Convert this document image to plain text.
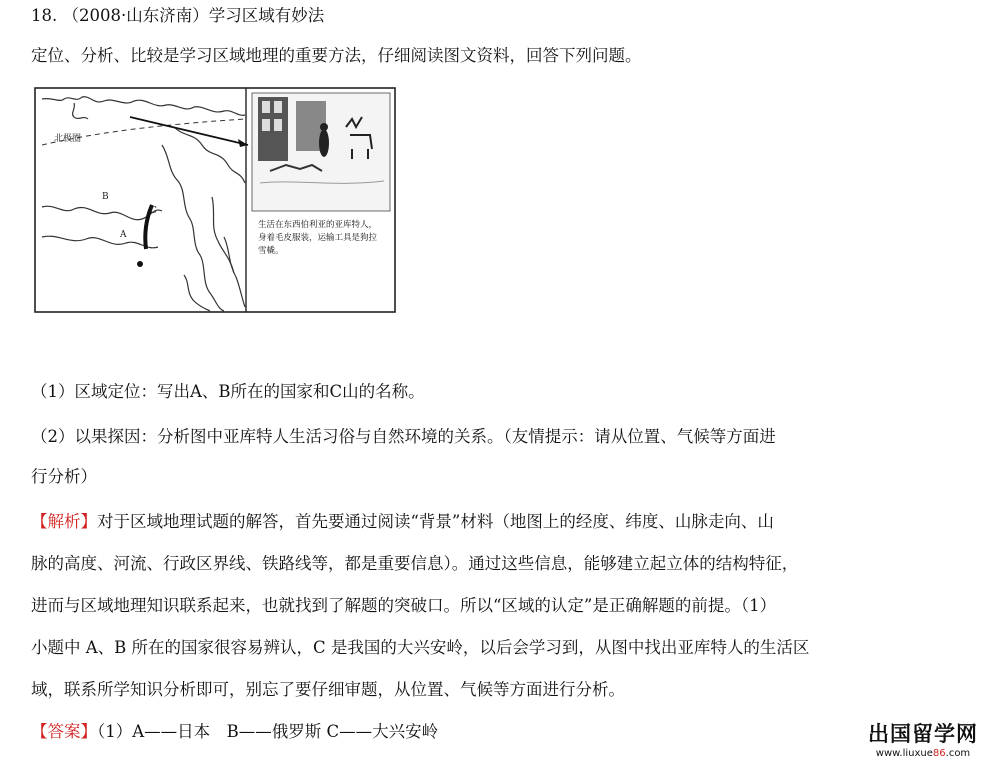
18. （2008·山东济南）学习区域有妙法
定位、分析、比较是学习区域地理的重要方法，仔细阅读图文资料，回答下列问题。
北极圈
B
C
A
生活在东西伯利亚的亚库特人，
身着毛皮服装，运输工具是狗拉
雪橇。
（1）区域定位：写出A、B所在的国家和C山的名称。
（2）以果探因：分析图中亚库特人生活习俗与自然环境的关系。（友情提示：请从位置、气候等方面进
行分析）
【解析】对于区域地理试题的解答，首先要通过阅读“背景”材料（地图上的经度、纬度、山脉走向、山
脉的高度、河流、行政区界线、铁路线等，都是重要信息）。通过这些信息，能够建立起立体的结构特征，
进而与区域地理知识联系起来，也就找到了解题的突破口。所以“区域的认定”是正确解题的前提。（1）
小题中 A、B 所在的国家很容易辨认，C 是我国的大兴安岭，以后会学习到，从图中找出亚库特人的生活区
域，联系所学知识分析即可，别忘了要仔细审题，从位置、气候等方面进行分析。
【答案】（1）A——日本　B——俄罗斯 C——大兴安岭	出国留学网
www.liuxue86.com
